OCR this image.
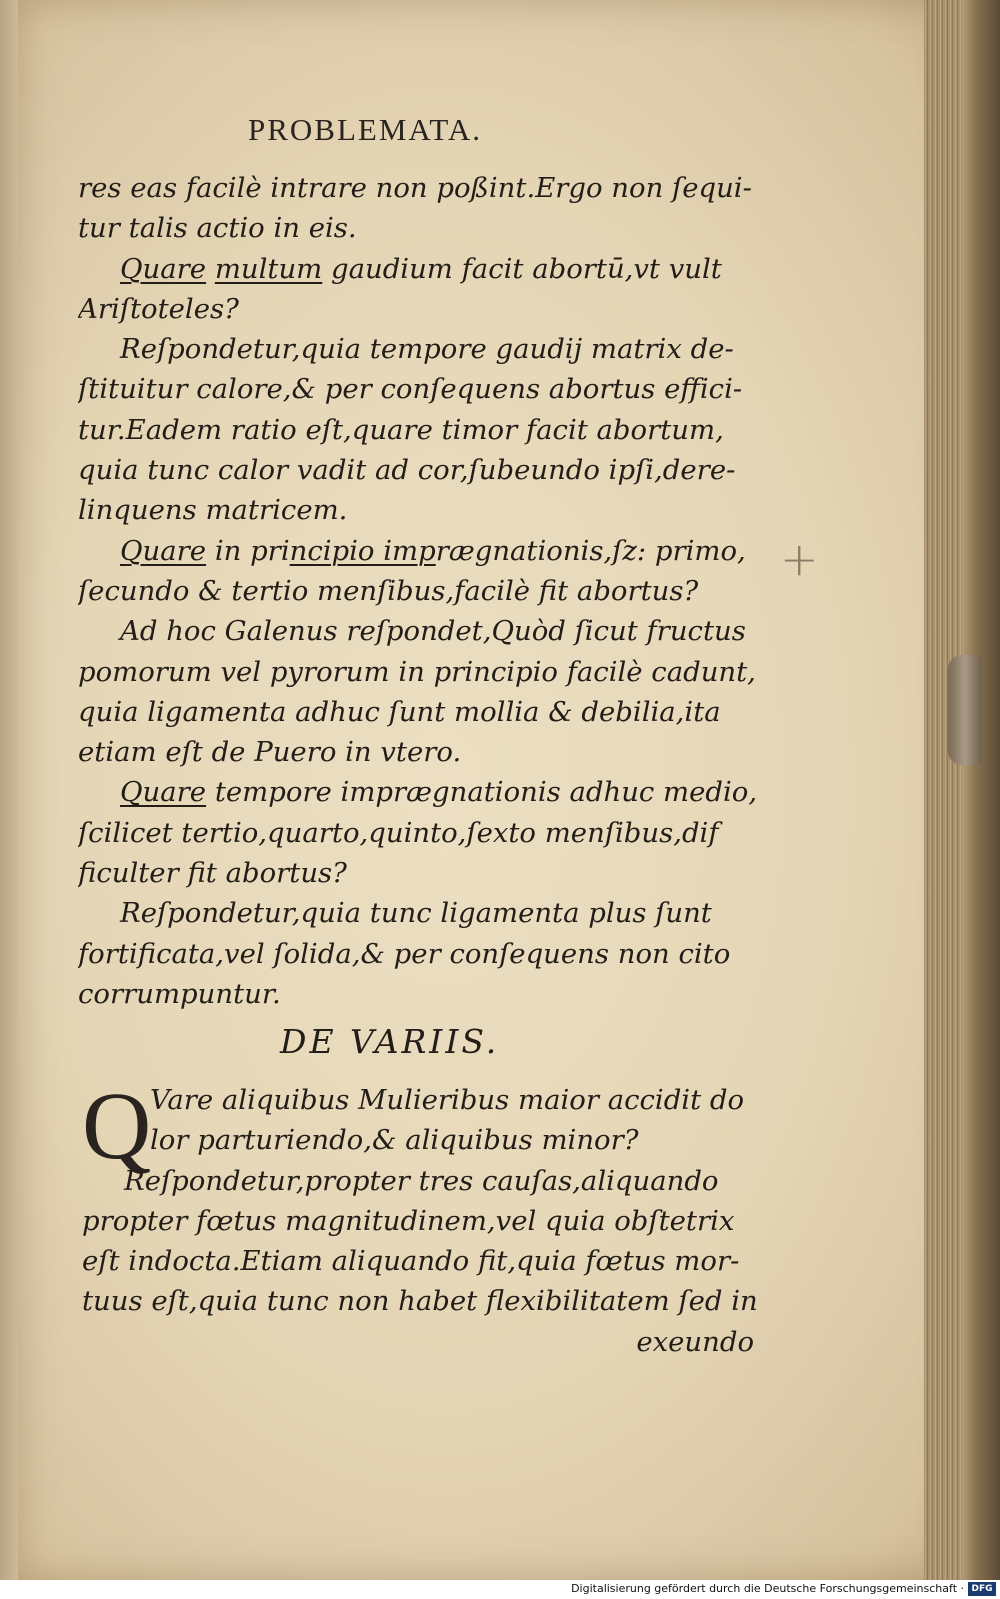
PROBLEMATA.
res eas facilè intrare non poßint.Ergo non ſequi-
tur talis actio in eis.
Quare multum gaudium facit abortū,vt vult
Ariſtoteles?
Reſpondetur,quia tempore gaudij matrix de-
ſtituitur calore,& per conſequens abortus effici-
tur.Eadem ratio eſt,quare timor facit abortum,
quia tunc calor vadit ad cor,ſubeundo ipſi,dere-
linquens matricem.
Quare in principio imprægnationis,ſz: primo,
ſecundo & tertio menſibus,facilè fit abortus?
Ad hoc Galenus reſpondet,Quòd ſicut fructus
pomorum vel pyrorum in principio facilè cadunt,
quia ligamenta adhuc ſunt mollia & debilia,ita
etiam eſt de Puero in vtero.
Quare tempore imprægnationis adhuc medio,
ſcilicet tertio,quarto,quinto,ſexto menſibus,dif
ficulter fit abortus?
Reſpondetur,quia tunc ligamenta plus ſunt
fortificata,vel ſolida,& per conſequens non cito
corrumpuntur.
+
DE VARIIS.
Q
Vare aliquibus Mulieribus maior accidit do
lor parturiendo,& aliquibus minor?
Reſpondetur,propter tres cauſas,aliquando
propter fœtus magnitudinem,vel quia obſtetrix
eſt indocta.Etiam aliquando fit,quia fœtus mor-
tuus eſt,quia tunc non habet flexibilitatem ſed in
exeundo
Digitalisierung gefördert durch die Deutsche Forschungsgemeinschaft · DFG
